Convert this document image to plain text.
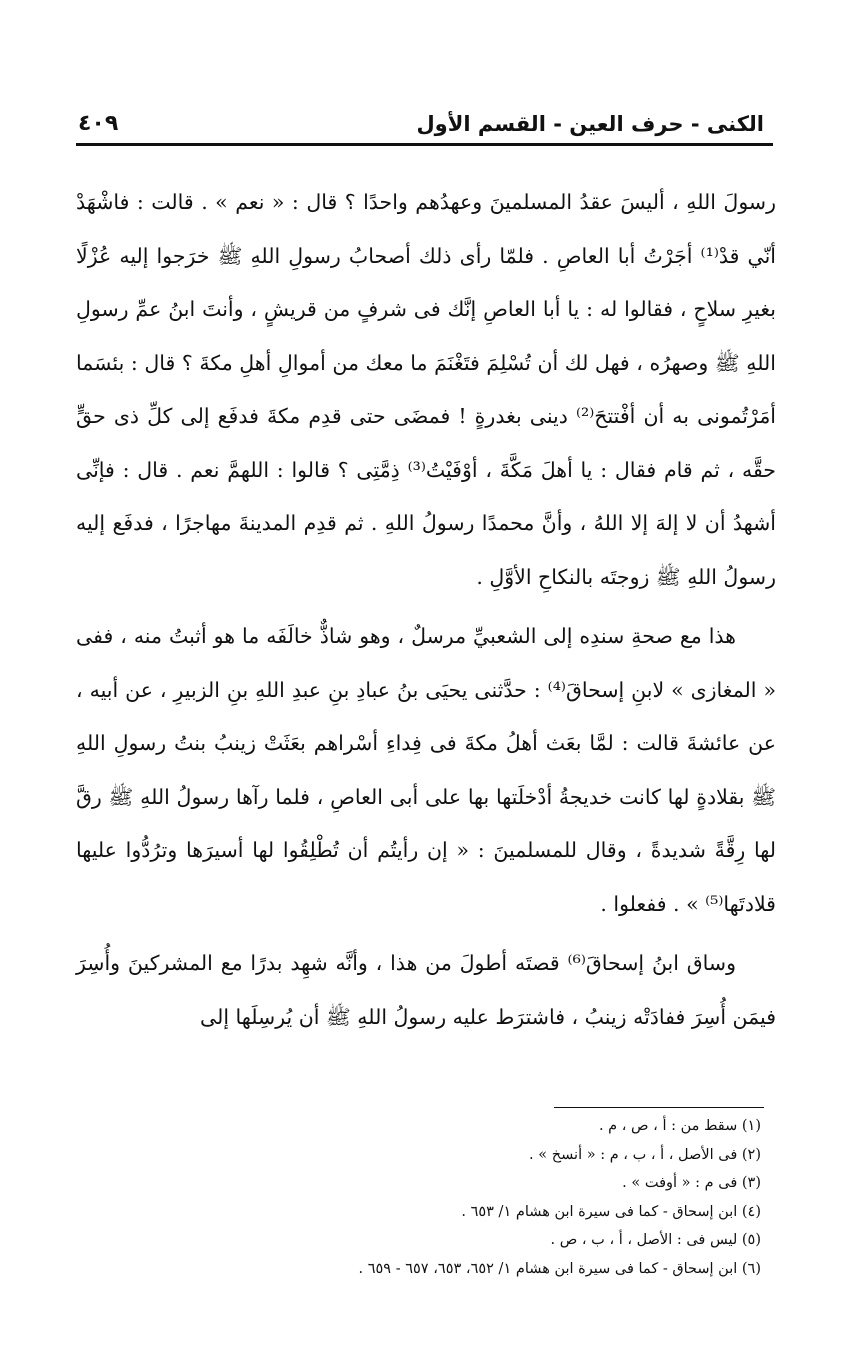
الكنى - حرف العين - القسم الأول
٤٠٩

رسولَ اللهِ ، أليسَ عقدُ المسلمينَ وعهدُهم واحدًا ؟ قال : « نعم » . قالت : فاشْهَدْ أنّي قدْ⁽¹⁾ أجَرْتُ أبا العاصِ . فلمّا رأى ذلك أصحابُ رسولِ اللهِ ﷺ خرَجوا إليه عُزْلًا بغيرِ سلاحٍ ، فقالوا له : يا أبا العاصِ إنَّك فى شرفٍ من قريشٍ ، وأنتَ ابنُ عمِّ رسولِ اللهِ ﷺ وصهرُه ، فهل لك أن تُسْلِمَ فتَغْنَمَ ما معك من أموالِ أهلِ مكةَ ؟ قال : بئسَما أمَرْتُمونى به أن أفْتتحَ⁽²⁾ دينى بغدرةٍ ! فمضَى حتى قدِم مكةَ فدفَع إلى كلِّ ذى حقٍّ حقَّه ، ثم قام فقال : يا أهلَ مَكَّةَ ، أوْفَيْتُ⁽³⁾ ذِمَّتِى ؟ قالوا : اللهمَّ نعم . قال : فإنِّى أشهدُ أن لا إلهَ إلا اللهُ ، وأنَّ محمدًا رسولُ اللهِ . ثم قدِم المدينةَ مهاجرًا ، فدفَع إليه رسولُ اللهِ ﷺ زوجتَه بالنكاحِ الأوَّلِ .

هذا مع صحةِ سندِه إلى الشعبيِّ مرسلٌ ، وهو شاذٌّ خالَفَه ما هو أثبتُ منه ، ففى « المغازى » لابنِ إسحاقَ⁽⁴⁾ : حدَّثنى يحيَى بنُ عبادِ بنِ عبدِ اللهِ بنِ الزبيرِ ، عن أبيه ، عن عائشةَ قالت : لمَّا بعَث أهلُ مكةَ فى فِداءِ أسْراهم بعَثَتْ زينبُ بنتُ رسولِ اللهِ ﷺ بقلادةٍ لها كانت خديجةُ أدْخلَتها بها على أبى العاصِ ، فلما رآها رسولُ اللهِ ﷺ رقَّ لها رِقَّةً شديدةً ، وقال للمسلمينَ : « إن رأيتُم أن تُطْلِقُوا لها أسيرَها وترُدُّوا عليها قلادتَها⁽⁵⁾ » . ففعلوا .

وساق ابنُ إسحاقَ⁽⁶⁾ قصتَه أطولَ من هذا ، وأنَّه شهِد بدرًا مع المشركينَ وأُسِرَ فيمَن أُسِرَ ففادَتْه زينبُ ، فاشترَط عليه رسولُ اللهِ ﷺ أن يُرسِلَها إلى

(١) سقط من : أ ، ص ، م .
(٢) فى الأصل ، أ ، ب ، م : « أنسخ » .
(٣) فى م : « أوفت » .
(٤) ابن إسحاق - كما فى سيرة ابن هشام ١/ ٦٥٣ .
(٥) ليس فى : الأصل ، أ ، ب ، ص .
(٦) ابن إسحاق - كما فى سيرة ابن هشام ١/ ٦٥٢، ٦٥٣، ٦٥٧ - ٦٥٩ .
